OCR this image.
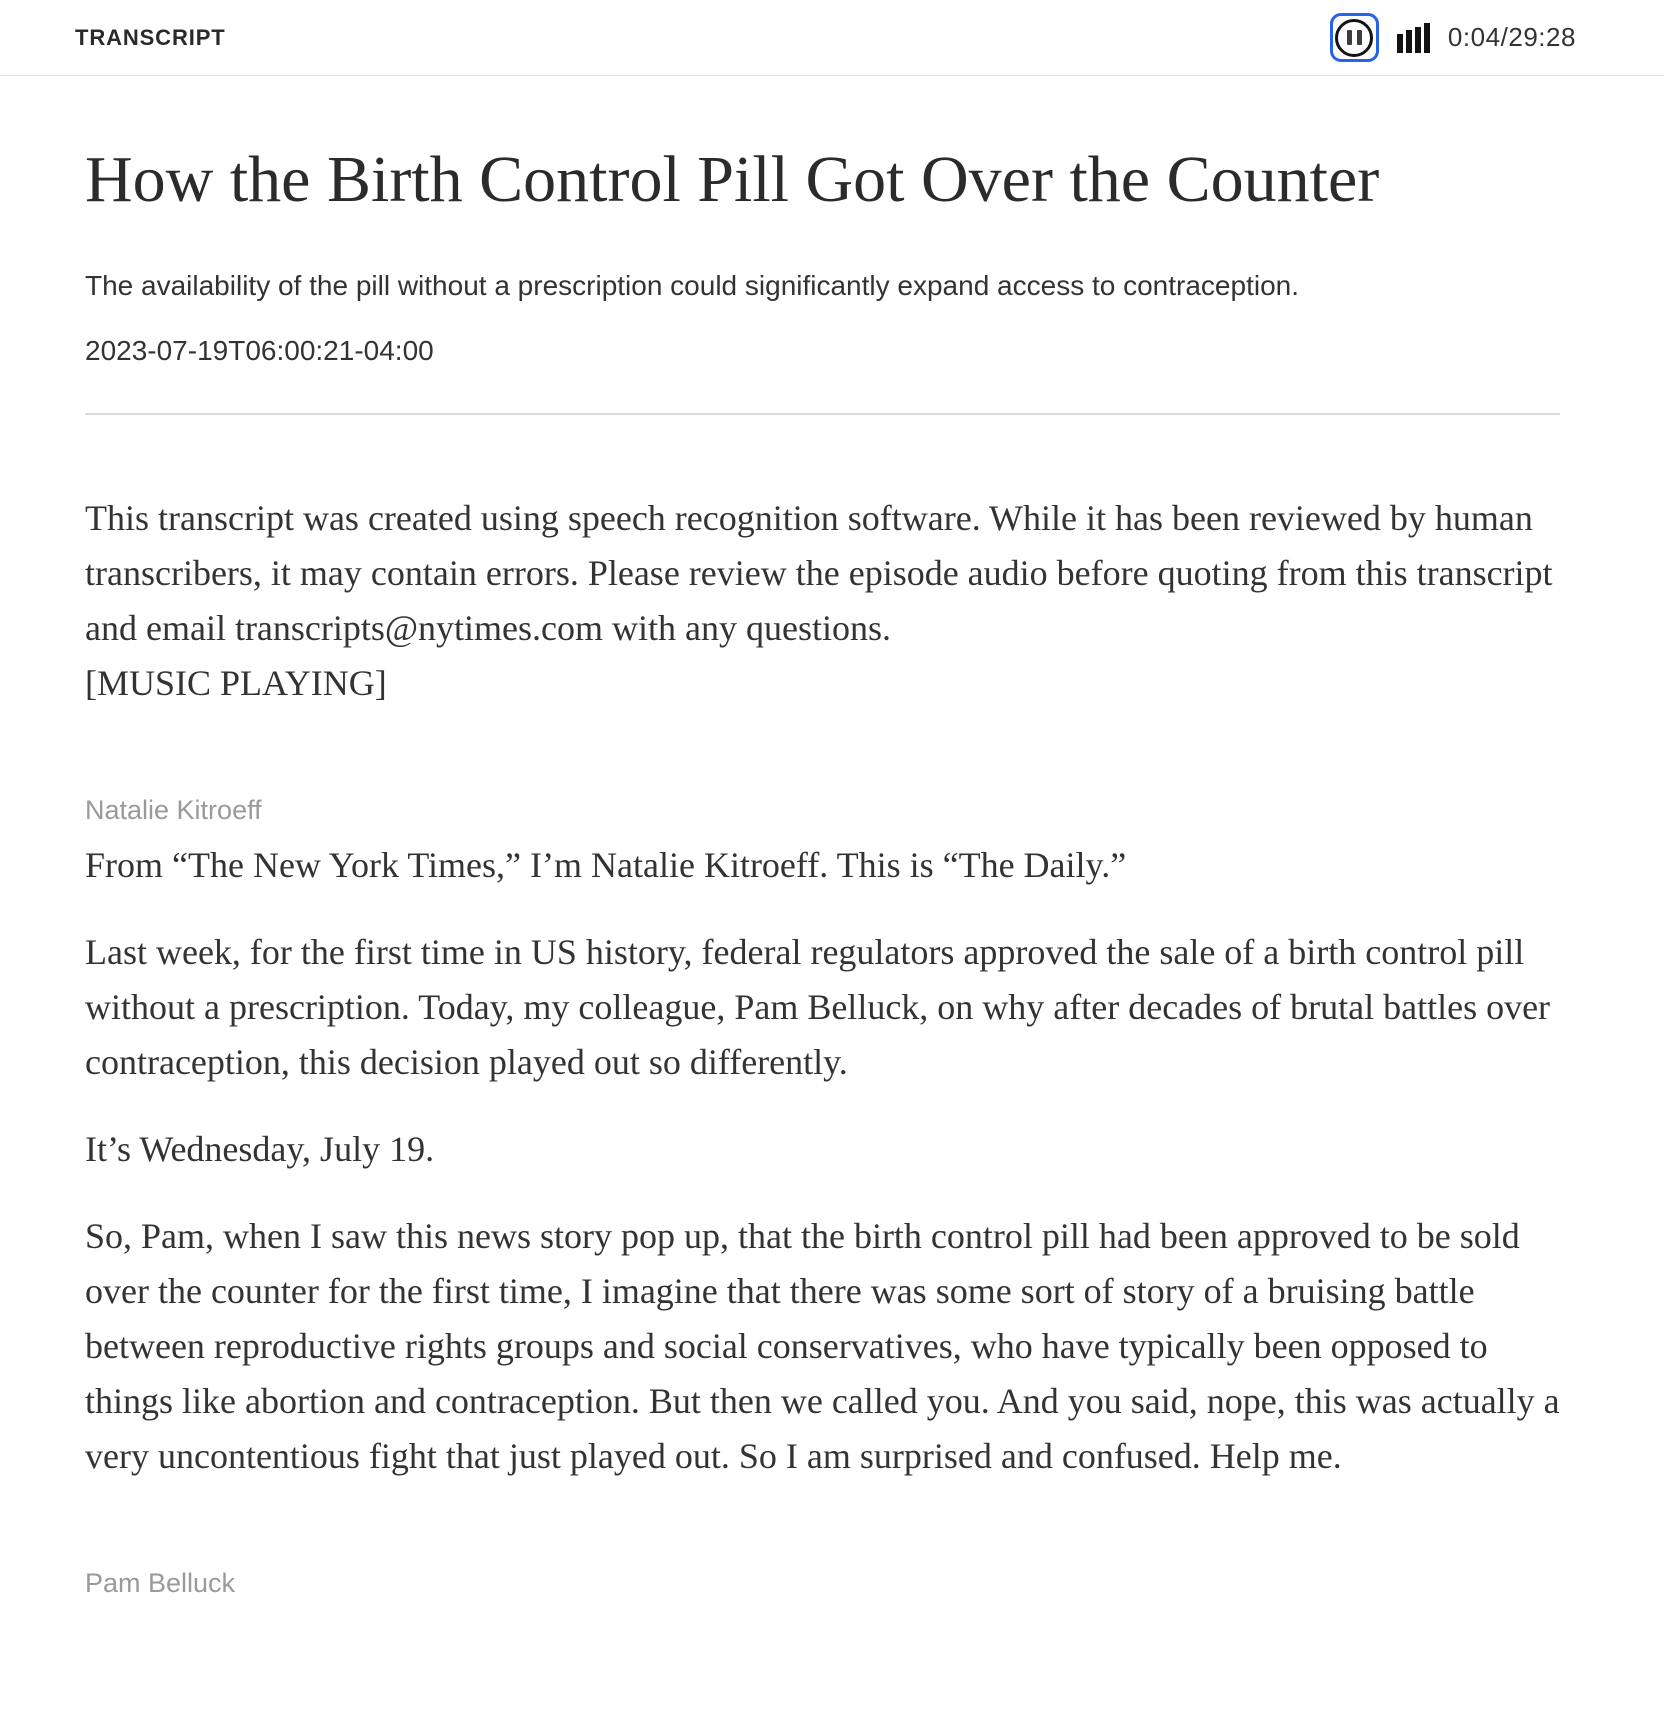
TRANSCRIPT	0:04/29:28
How the Birth Control Pill Got Over the Counter

The availability of the pill without a prescription could significantly expand access to contraception.

2023-07-19T06:00:21-04:00

This transcript was created using speech recognition software. While it has been reviewed by human transcribers, it may contain errors. Please review the episode audio before quoting from this transcript and email transcripts@nytimes.com with any questions.
[MUSIC PLAYING]
Natalie Kitroeff

From “The New York Times,” I’m Natalie Kitroeff. This is “The Daily.”

Last week, for the first time in US history, federal regulators approved the sale of a birth control pill without a prescription. Today, my colleague, Pam Belluck, on why after decades of brutal battles over contraception, this decision played out so differently.

It’s Wednesday, July 19.

So, Pam, when I saw this news story pop up, that the birth control pill had been approved to be sold over the counter for the first time, I imagine that there was some sort of story of a bruising battle between reproductive rights groups and social conservatives, who have typically been opposed to things like abortion and contraception. But then we called you. And you said, nope, this was actually a very uncontentious fight that just played out. So I am surprised and confused. Help me.

Pam Belluck
